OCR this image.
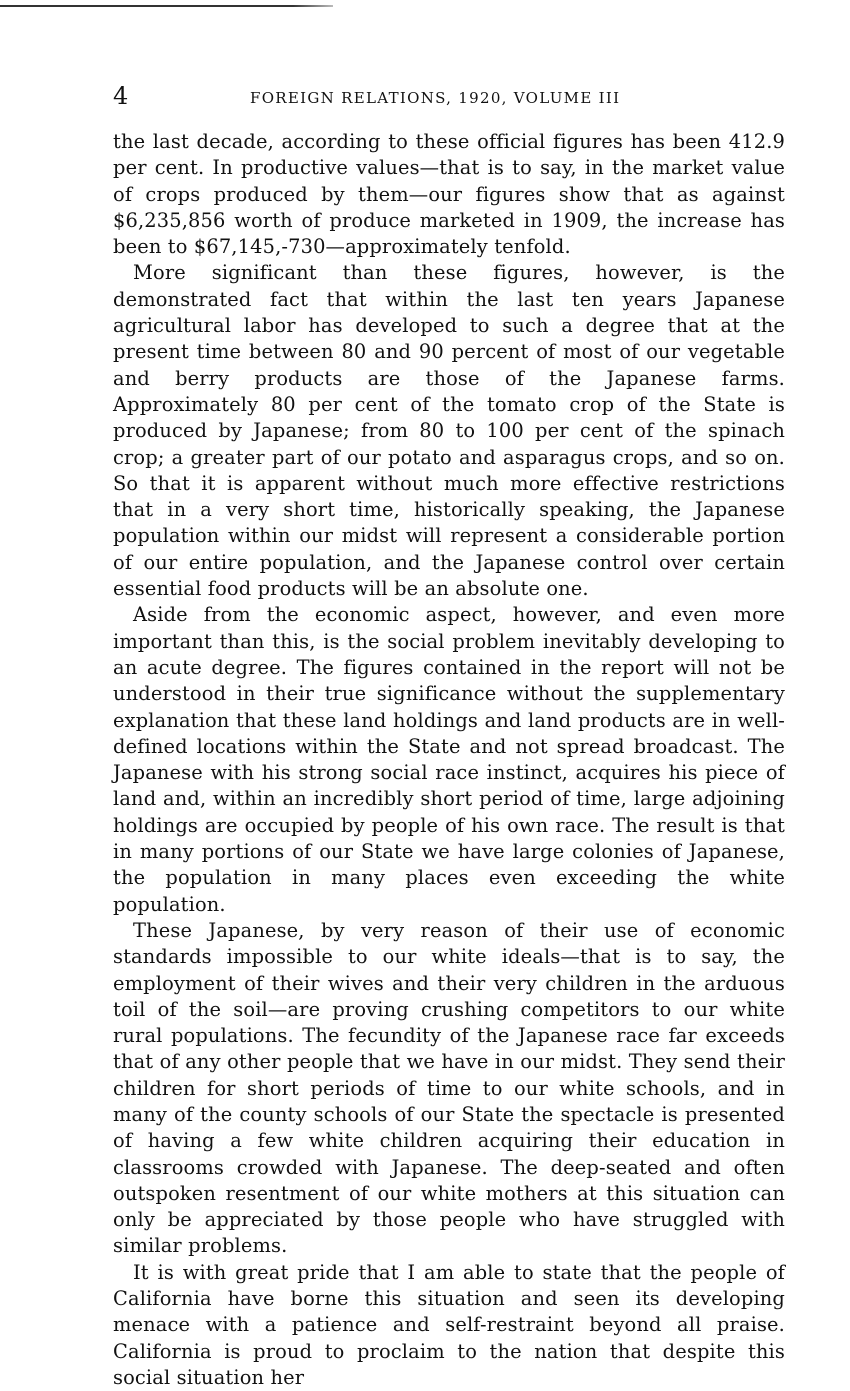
4	FOREIGN RELATIONS, 1920, VOLUME III

the last decade, according to these official figures has been 412.9 per cent. In productive values—that is to say, in the market value of crops produced by them—our figures show that as against $6,235,856 worth of produce marketed in 1909, the increase has been to $67,145,-730—approximately tenfold.

More significant than these figures, however, is the demonstrated fact that within the last ten years Japanese agricultural labor has developed to such a degree that at the present time between 80 and 90 percent of most of our vegetable and berry products are those of the Japanese farms. Approximately 80 per cent of the tomato crop of the State is produced by Japanese; from 80 to 100 per cent of the spinach crop; a greater part of our potato and asparagus crops, and so on. So that it is apparent without much more effective restrictions that in a very short time, historically speaking, the Japanese population within our midst will represent a considerable portion of our entire population, and the Japanese control over certain essential food products will be an absolute one.

Aside from the economic aspect, however, and even more important than this, is the social problem inevitably developing to an acute degree. The figures contained in the report will not be understood in their true significance without the supplementary explanation that these land holdings and land products are in well-defined locations within the State and not spread broadcast. The Japanese with his strong social race instinct, acquires his piece of land and, within an incredibly short period of time, large adjoining holdings are occupied by people of his own race. The result is that in many portions of our State we have large colonies of Japanese, the population in many places even exceeding the white population.

These Japanese, by very reason of their use of economic standards impossible to our white ideals—that is to say, the employment of their wives and their very children in the arduous toil of the soil—are proving crushing competitors to our white rural populations. The fecundity of the Japanese race far exceeds that of any other people that we have in our midst. They send their children for short periods of time to our white schools, and in many of the county schools of our State the spectacle is presented of having a few white children acquiring their education in classrooms crowded with Japanese. The deep-seated and often outspoken resentment of our white mothers at this situation can only be appreciated by those people who have struggled with similar problems.

It is with great pride that I am able to state that the people of California have borne this situation and seen its developing menace with a patience and self-restraint beyond all praise. California is proud to proclaim to the nation that despite this social situation her
